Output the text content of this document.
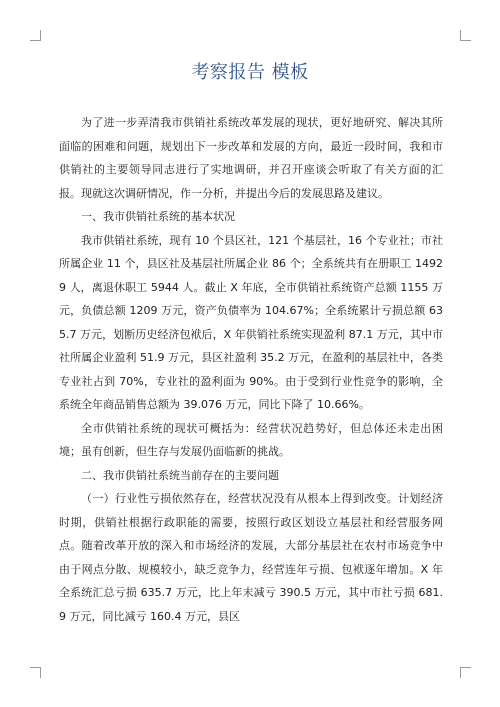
考察报告 模板

为了进一步弄清我市供销社系统改革发展的现状，更好地研究、解决其所面临的困难和问题，规划出下一步改革和发展的方向，最近一段时间，我和市供销社的主要领导同志进行了实地调研，并召开座谈会听取了有关方面的汇报。现就这次调研情况，作一分析，并提出今后的发展思路及建议。

一、我市供销社系统的基本状况

我市供销社系统，现有 10 个县区社，121 个基层社，16 个专业社；市社所属企业 11 个，县区社及基层社所属企业 86 个；全系统共有在册职工 14929 人，离退休职工 5944 人。截止 X 年底，全市供销社系统资产总额 1155 万元，负债总额 1209 万元，资产负债率为 104.67%；全系统累计亏损总额 635.7 万元，划断历史经济包袱后，X 年供销社系统实现盈利 87.1 万元，其中市社所属企业盈利 51.9 万元，县区社盈利 35.2 万元，在盈利的基层社中，各类专业社占到 70%，专业社的盈利面为 90%。由于受到行业性竞争的影响，全系统全年商品销售总额为 39.076 万元，同比下降了 10.66%。

全市供销社系统的现状可概括为：经营状况趋势好，但总体还未走出困境；虽有创新，但生存与发展仍面临新的挑战。

二、我市供销社系统当前存在的主要问题

（一）行业性亏损依然存在，经营状况没有从根本上得到改变。计划经济时期，供销社根据行政职能的需要，按照行政区划设立基层社和经营服务网点。随着改革开放的深入和市场经济的发展，大部分基层社在农村市场竞争中由于网点分散、规模较小，缺乏竞争力，经营连年亏损、包袱逐年增加。X 年全系统汇总亏损 635.7 万元，比上年末减亏 390.5 万元，其中市社亏损 681.9 万元，同比减亏 160.4 万元，县区
